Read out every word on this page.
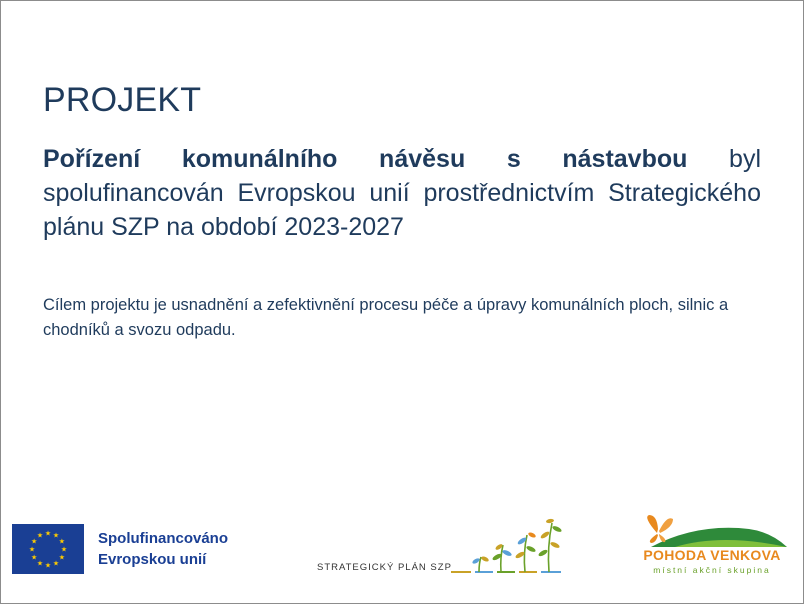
PROJEKT

Pořízení komunálního návěsu s nástavbou byl spolufinancován Evropskou unií prostřednictvím Strategického plánu SZP na období 2023-2027

Cílem projektu je usnadnění a zefektivnění procesu péče a úpravy komunálních ploch, silnic a chodníků a svozu odpadu.

★ ★
★
★
★
★
★
★
★
★
★
★	Spolufinancováno
Evropskou unií	STRATEGICKÝ PLÁN SZP
POHODA VENKOVA
místní akční skupina
